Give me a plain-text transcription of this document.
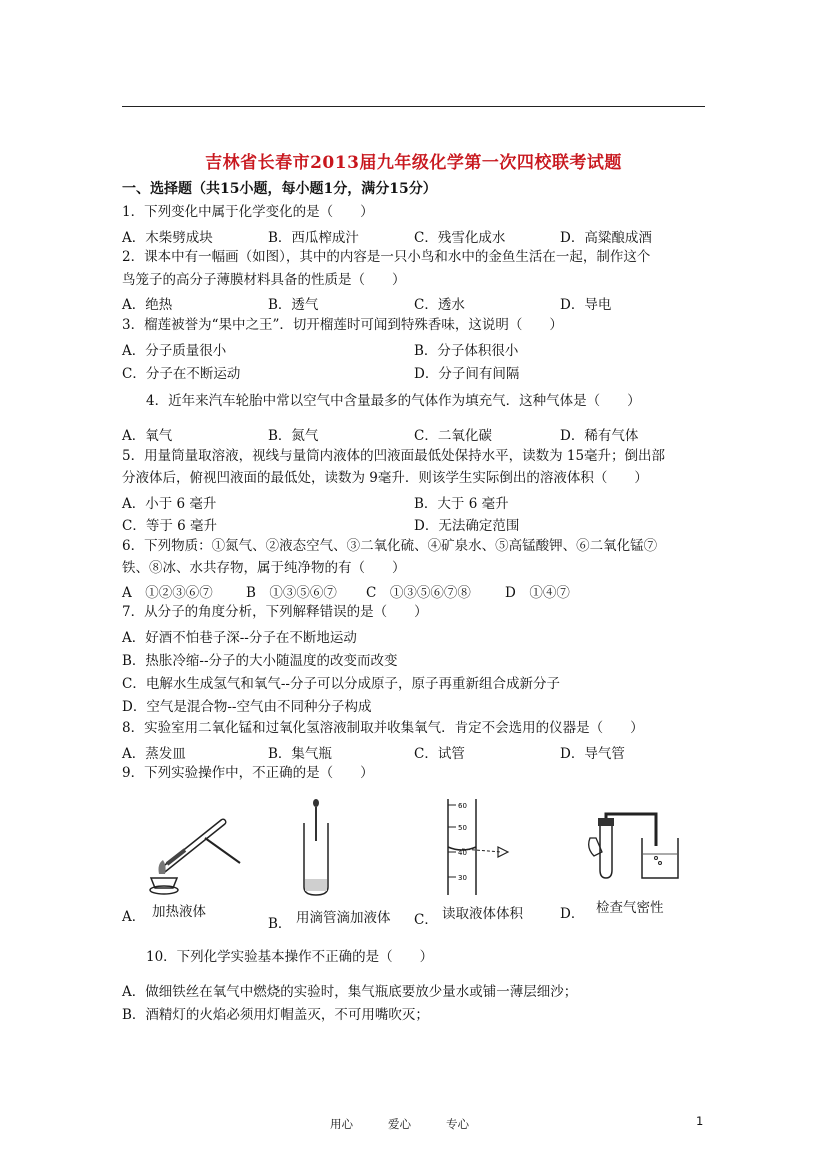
吉林省长春市2013届九年级化学第一次四校联考试题
一、选择题（共15小题，每小题1分，满分15分）
1．下列变化中属于化学变化的是（　　）
A．木柴劈成块	B．西瓜榨成汁	C．残雪化成水	D．高粱酿成酒
2．课本中有一幅画（如图），其中的内容是一只小鸟和水中的金鱼生活在一起，制作这个
鸟笼子的高分子薄膜材料具备的性质是（　　）
A．绝热	B．透气	C．透水	D．导电
3．榴莲被誉为“果中之王”．切开榴莲时可闻到特殊香味，这说明（　　）
A．分子质量很小	B．分子体积很小
C．分子在不断运动	D．分子间有间隔
4．近年来汽车轮胎中常以空气中含量最多的气体作为填充气．这种气体是（　　）
A．氧气	B．氮气	C．二氧化碳	D．稀有气体
5．用量筒量取溶液，视线与量筒内液体的凹液面最低处保持水平，读数为 15毫升；倒出部
分液体后，俯视凹液面的最低处，读数为 9毫升．则该学生实际倒出的溶液体积（　　）
A．小于 6 毫升	B．大于 6 毫升
C．等于 6 毫升	D．无法确定范围
6．下列物质：①氮气、②液态空气、③二氧化硫、④矿泉水、⑤高锰酸钾、⑥二氧化锰⑦
铁、⑧冰、水共存物，属于纯净物的有（　　）
A　①②③⑥⑦ B　①③⑤⑥⑦ C　①③⑤⑥⑦⑧	D　①④⑦
7．从分子的角度分析，下列解释错误的是（　　）
A．好酒不怕巷子深--分子在不断地运动
B．热胀冷缩--分子的大小随温度的改变而改变
C．电解水生成氢气和氧气--分子可以分成原子，原子再重新组合成新分子
D．空气是混合物--空气由不同种分子构成
8．实验室用二氧化锰和过氧化氢溶液制取并收集氧气．肯定不会选用的仪器是（　　）
A．蒸发皿	B．集气瓶	C．试管	D．导气管
9．下列实验操作中，不正确的是（　　）
A． 加热液体
B． 用滴管滴加液体
60
50
40
30
C． 读取液体体积	D． 检查气密性
10．下列化学实验基本操作不正确的是（　　）
A．做细铁丝在氧气中燃烧的实验时，集气瓶底要放少量水或铺一薄层细沙；
B．酒精灯的火焰必须用灯帽盖灭，不可用嘴吹灭；
用心	爱心	专心	1
